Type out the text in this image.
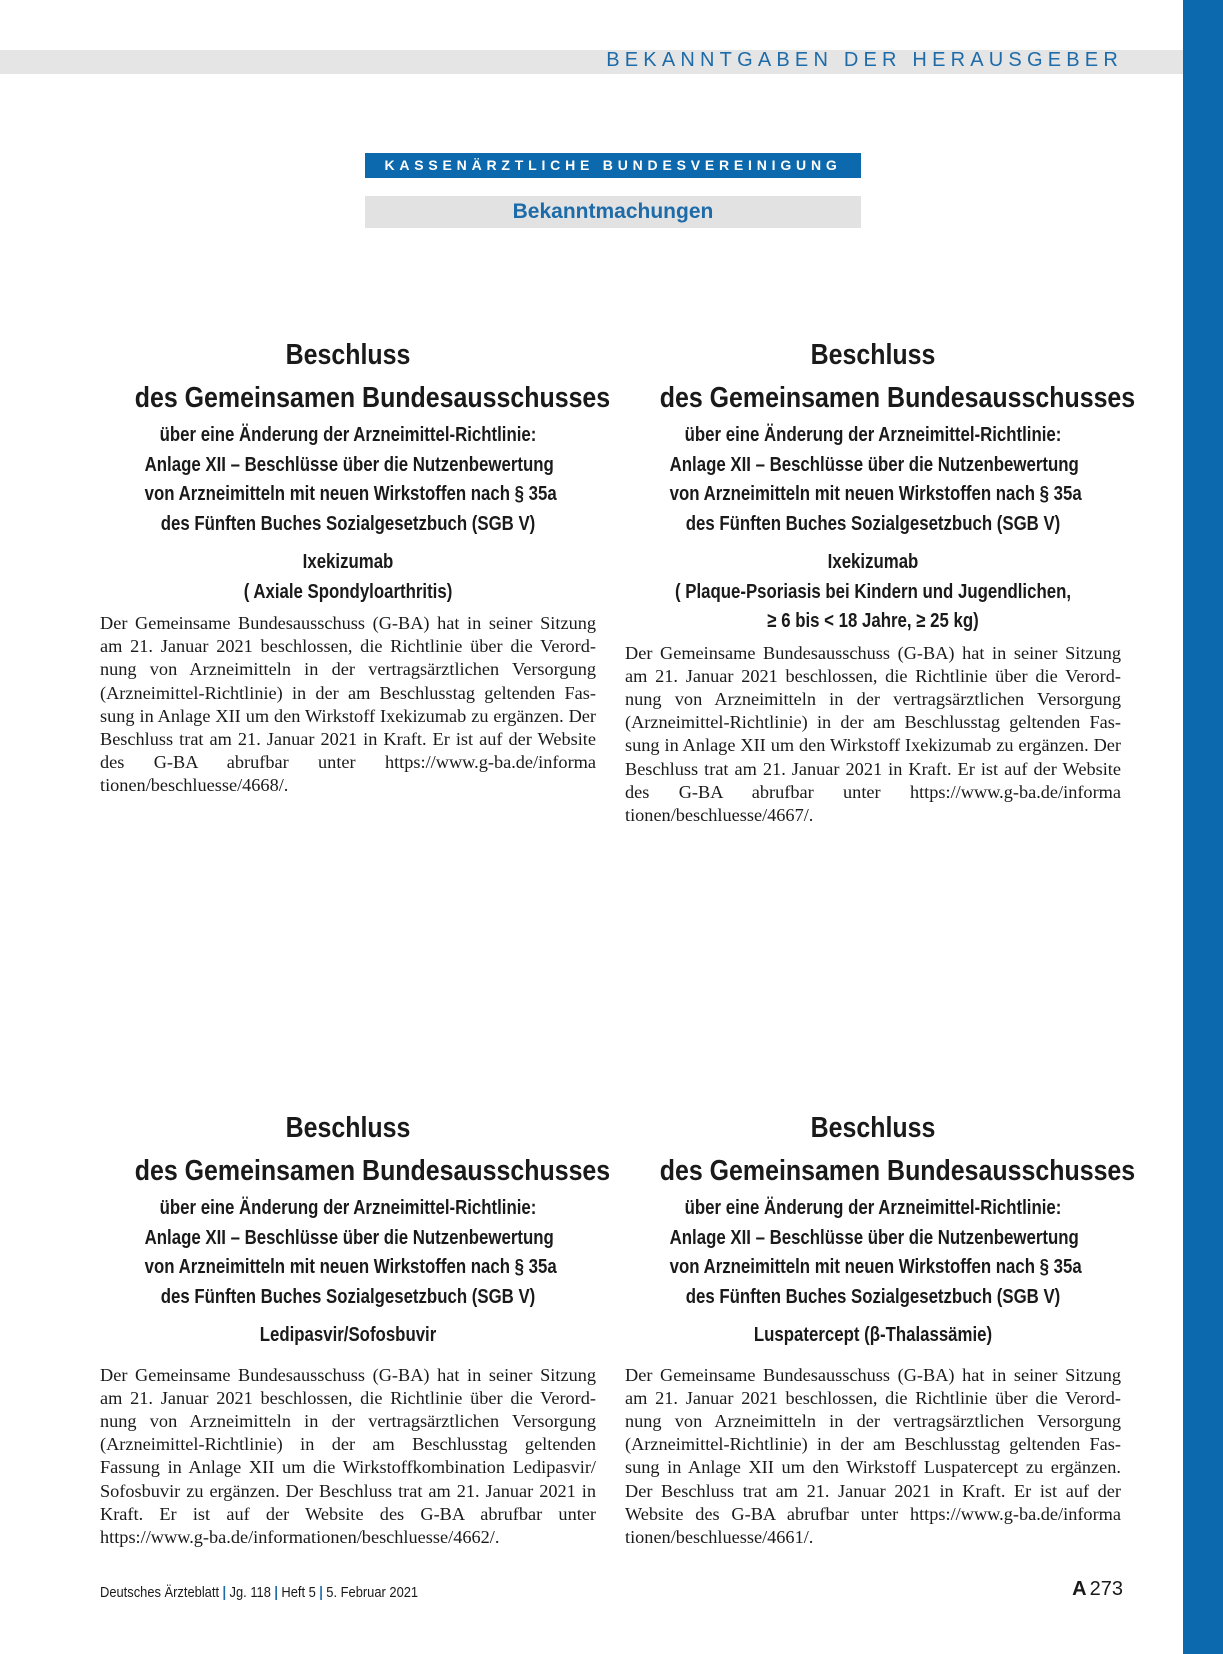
BEKANNTGABEN DER HERAUSGEBER
KASSENÄRZTLICHE BUNDESVEREINIGUNG
Bekanntmachungen
Beschluss
des Gemeinsamen Bundesausschusses
über eine Änderung der Arzneimittel-Richtlinie:
Anlage XII – Beschlüsse über die Nutzenbewertung
von Arzneimitteln mit neuen Wirkstoffen nach § 35a
des Fünften Buches Sozialgesetzbuch (SGB V)
Ixekizumab
( Axiale Spondyloarthritis)
Der Gemeinsame Bundesausschuss (G-BA) hat in seiner Sitzung am 21. Januar 2021 beschlossen, die Richtlinie über die Verordnung von Arzneimitteln in der vertragsärztlichen Versorgung (Arzneimittel-Richtlinie) in der am Beschlusstag geltenden Fassung in Anlage XII um den Wirkstoff Ixekizumab zu ergänzen. Der Beschluss trat am 21. Januar 2021 in Kraft. Er ist auf der Website des G-BA abrufbar unter https://www.g-ba.de/informa tionen/beschluesse/4668/.
Beschluss
des Gemeinsamen Bundesausschusses
über eine Änderung der Arzneimittel-Richtlinie:
Anlage XII – Beschlüsse über die Nutzenbewertung
von Arzneimitteln mit neuen Wirkstoffen nach § 35a
des Fünften Buches Sozialgesetzbuch (SGB V)
Ixekizumab
( Plaque-Psoriasis bei Kindern und Jugendlichen,
≥ 6 bis < 18 Jahre, ≥ 25 kg)
Der Gemeinsame Bundesausschuss (G-BA) hat in seiner Sitzung am 21. Januar 2021 beschlossen, die Richtlinie über die Verordnung von Arzneimitteln in der vertragsärztlichen Versorgung (Arzneimittel-Richtlinie) in der am Beschlusstag geltenden Fassung in Anlage XII um den Wirkstoff Ixekizumab zu ergänzen. Der Beschluss trat am 21. Januar 2021 in Kraft. Er ist auf der Website des G-BA abrufbar unter https://www.g-ba.de/informa tionen/beschluesse/4667/.
Beschluss
des Gemeinsamen Bundesausschusses
über eine Änderung der Arzneimittel-Richtlinie:
Anlage XII – Beschlüsse über die Nutzenbewertung
von Arzneimitteln mit neuen Wirkstoffen nach § 35a
des Fünften Buches Sozialgesetzbuch (SGB V)
Ledipasvir/Sofosbuvir
Der Gemeinsame Bundesausschuss (G-BA) hat in seiner Sitzung am 21. Januar 2021 beschlossen, die Richtlinie über die Verordnung von Arzneimitteln in der vertragsärztlichen Versorgung (Arzneimittel-Richtlinie) in der am Beschlusstag geltenden Fassung in Anlage XII um die Wirkstoffkombination Ledipasvir/ Sofosbuvir zu ergänzen. Der Beschluss trat am 21. Januar 2021 in Kraft. Er ist auf der Website des G-BA abrufbar unter https://www.g-ba.de/informationen/beschluesse/4662/.
Beschluss
des Gemeinsamen Bundesausschusses
über eine Änderung der Arzneimittel-Richtlinie:
Anlage XII – Beschlüsse über die Nutzenbewertung
von Arzneimitteln mit neuen Wirkstoffen nach § 35a
des Fünften Buches Sozialgesetzbuch (SGB V)
Luspatercept (β-Thalassämie)
Der Gemeinsame Bundesausschuss (G-BA) hat in seiner Sitzung am 21. Januar 2021 beschlossen, die Richtlinie über die Verordnung von Arzneimitteln in der vertragsärztlichen Versorgung (Arzneimittel-Richtlinie) in der am Beschlusstag geltenden Fassung in Anlage XII um den Wirkstoff Luspatercept zu ergänzen. Der Beschluss trat am 21. Januar 2021 in Kraft. Er ist auf der Website des G-BA abrufbar unter https://www.g-ba.de/informa tionen/beschluesse/4661/.
Deutsches Ärzteblatt | Jg. 118 | Heft 5 | 5. Februar 2021	A 273
